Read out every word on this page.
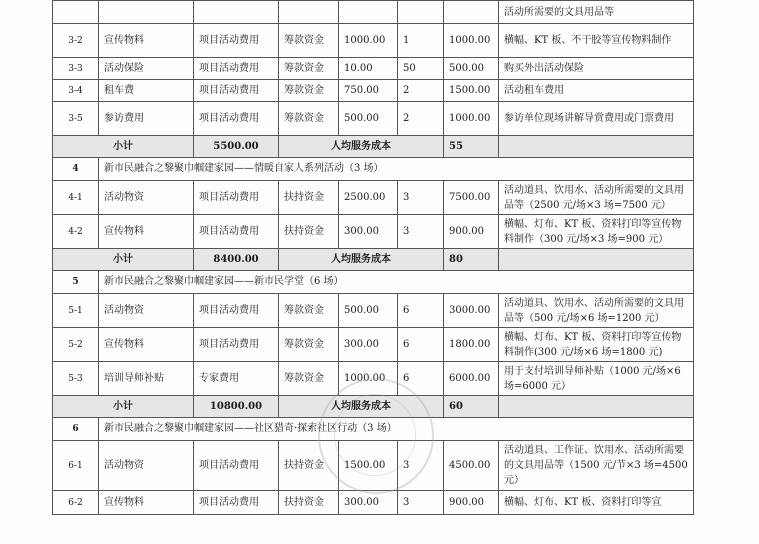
							活动所需要的文具用品等
3-2	宣传物料	项目活动费用	筹款资金	1000.00	1	1000.00	横幅、KT 板、不干胶等宣传物料制作
3-3	活动保险	项目活动费用	筹款资金	10.00	50	500.00	购买外出活动保险
3-4	租车费	项目活动费用	筹款资金	750.00	2	1500.00	活动租车费用
3-5	参访费用	项目活动费用	筹款资金	500.00	2	1000.00	参访单位现场讲解导赏费用或门票费用
小计		5500.00	人均服务成本			55	
4	新市民融合之黎聚巾帼建家园——情暖自家人系列活动（3 场）						
4-1	活动物资	项目活动费用	扶持资金	2500.00	3	7500.00	活动道具、饮用水、活动所需要的文具用品等（2500 元/场×3 场=7500 元）
4-2	宣传物料	项目活动费用	扶持资金	300.00	3	900.00	横幅、灯布、KT 板、资料打印等宣传物料制作（300 元/场×3 场=900 元）
小计		8400.00	人均服务成本			80	
5	新市民融合之黎聚巾帼建家园——新市民学堂（6 场）						
5-1	活动物资	项目活动费用	筹款资金	500.00	6	3000.00	活动道具、饮用水、活动所需要的文具用品等（500 元/场×6 场=1200 元）
5-2	宣传物料	项目活动费用	筹款资金	300.00	6	1800.00	横幅、灯布、KT 板、资料打印等宣传物料制作(300 元/场×6 场=1800 元)
5-3	培训导师补贴	专家费用	筹款资金	1000.00	6	6000.00	用于支付培训导师补贴（1000 元/场×6 场=6000 元）
小计		10800.00	人均服务成本			60	
6	新市民融合之黎聚巾帼建家园——社区猎奇·探索社区行动（3 场）						
6-1	活动物资	项目活动费用	扶持资金	1500.00	3	4500.00	活动道具、工作证、饮用水、活动所需要的文具用品等（1500 元/节×3 场=4500 元）
6-2	宣传物料	项目活动费用	扶持资金	300.00	3	900.00	横幅、灯布、KT 板、资料打印等宣
